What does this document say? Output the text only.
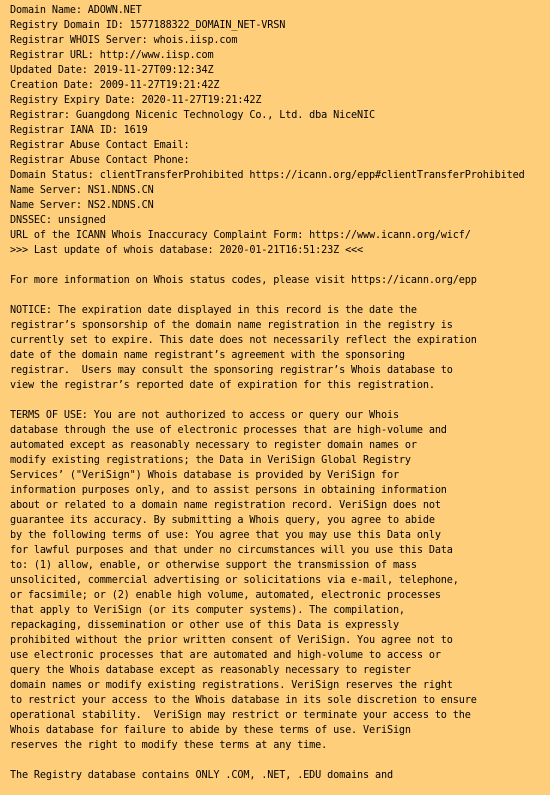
Domain Name: ADOWN.NET
Registry Domain ID: 1577188322_DOMAIN_NET-VRSN
Registrar WHOIS Server: whois.iisp.com
Registrar URL: http://www.iisp.com
Updated Date: 2019-11-27T09:12:34Z
Creation Date: 2009-11-27T19:21:42Z
Registry Expiry Date: 2020-11-27T19:21:42Z
Registrar: Guangdong Nicenic Technology Co., Ltd. dba NiceNIC
Registrar IANA ID: 1619
Registrar Abuse Contact Email:
Registrar Abuse Contact Phone:
Domain Status: clientTransferProhibited https://icann.org/epp#clientTransferProhibited
Name Server: NS1.NDNS.CN
Name Server: NS2.NDNS.CN
DNSSEC: unsigned
URL of the ICANN Whois Inaccuracy Complaint Form: https://www.icann.org/wicf/
>>> Last update of whois database: 2020-01-21T16:51:23Z <<<
For more information on Whois status codes, please visit https://icann.org/epp
NOTICE: The expiration date displayed in this record is the date the
registrar’s sponsorship of the domain name registration in the registry is
currently set to expire. This date does not necessarily reflect the expiration
date of the domain name registrant’s agreement with the sponsoring
registrar.  Users may consult the sponsoring registrar’s Whois database to
view the registrar’s reported date of expiration for this registration.
TERMS OF USE: You are not authorized to access or query our Whois
database through the use of electronic processes that are high-volume and
automated except as reasonably necessary to register domain names or
modify existing registrations; the Data in VeriSign Global Registry
Services’ ("VeriSign") Whois database is provided by VeriSign for
information purposes only, and to assist persons in obtaining information
about or related to a domain name registration record. VeriSign does not
guarantee its accuracy. By submitting a Whois query, you agree to abide
by the following terms of use: You agree that you may use this Data only
for lawful purposes and that under no circumstances will you use this Data
to: (1) allow, enable, or otherwise support the transmission of mass
unsolicited, commercial advertising or solicitations via e-mail, telephone,
or facsimile; or (2) enable high volume, automated, electronic processes
that apply to VeriSign (or its computer systems). The compilation,
repackaging, dissemination or other use of this Data is expressly
prohibited without the prior written consent of VeriSign. You agree not to
use electronic processes that are automated and high-volume to access or
query the Whois database except as reasonably necessary to register
domain names or modify existing registrations. VeriSign reserves the right
to restrict your access to the Whois database in its sole discretion to ensure
operational stability.  VeriSign may restrict or terminate your access to the
Whois database for failure to abide by these terms of use. VeriSign
reserves the right to modify these terms at any time.
The Registry database contains ONLY .COM, .NET, .EDU domains and
